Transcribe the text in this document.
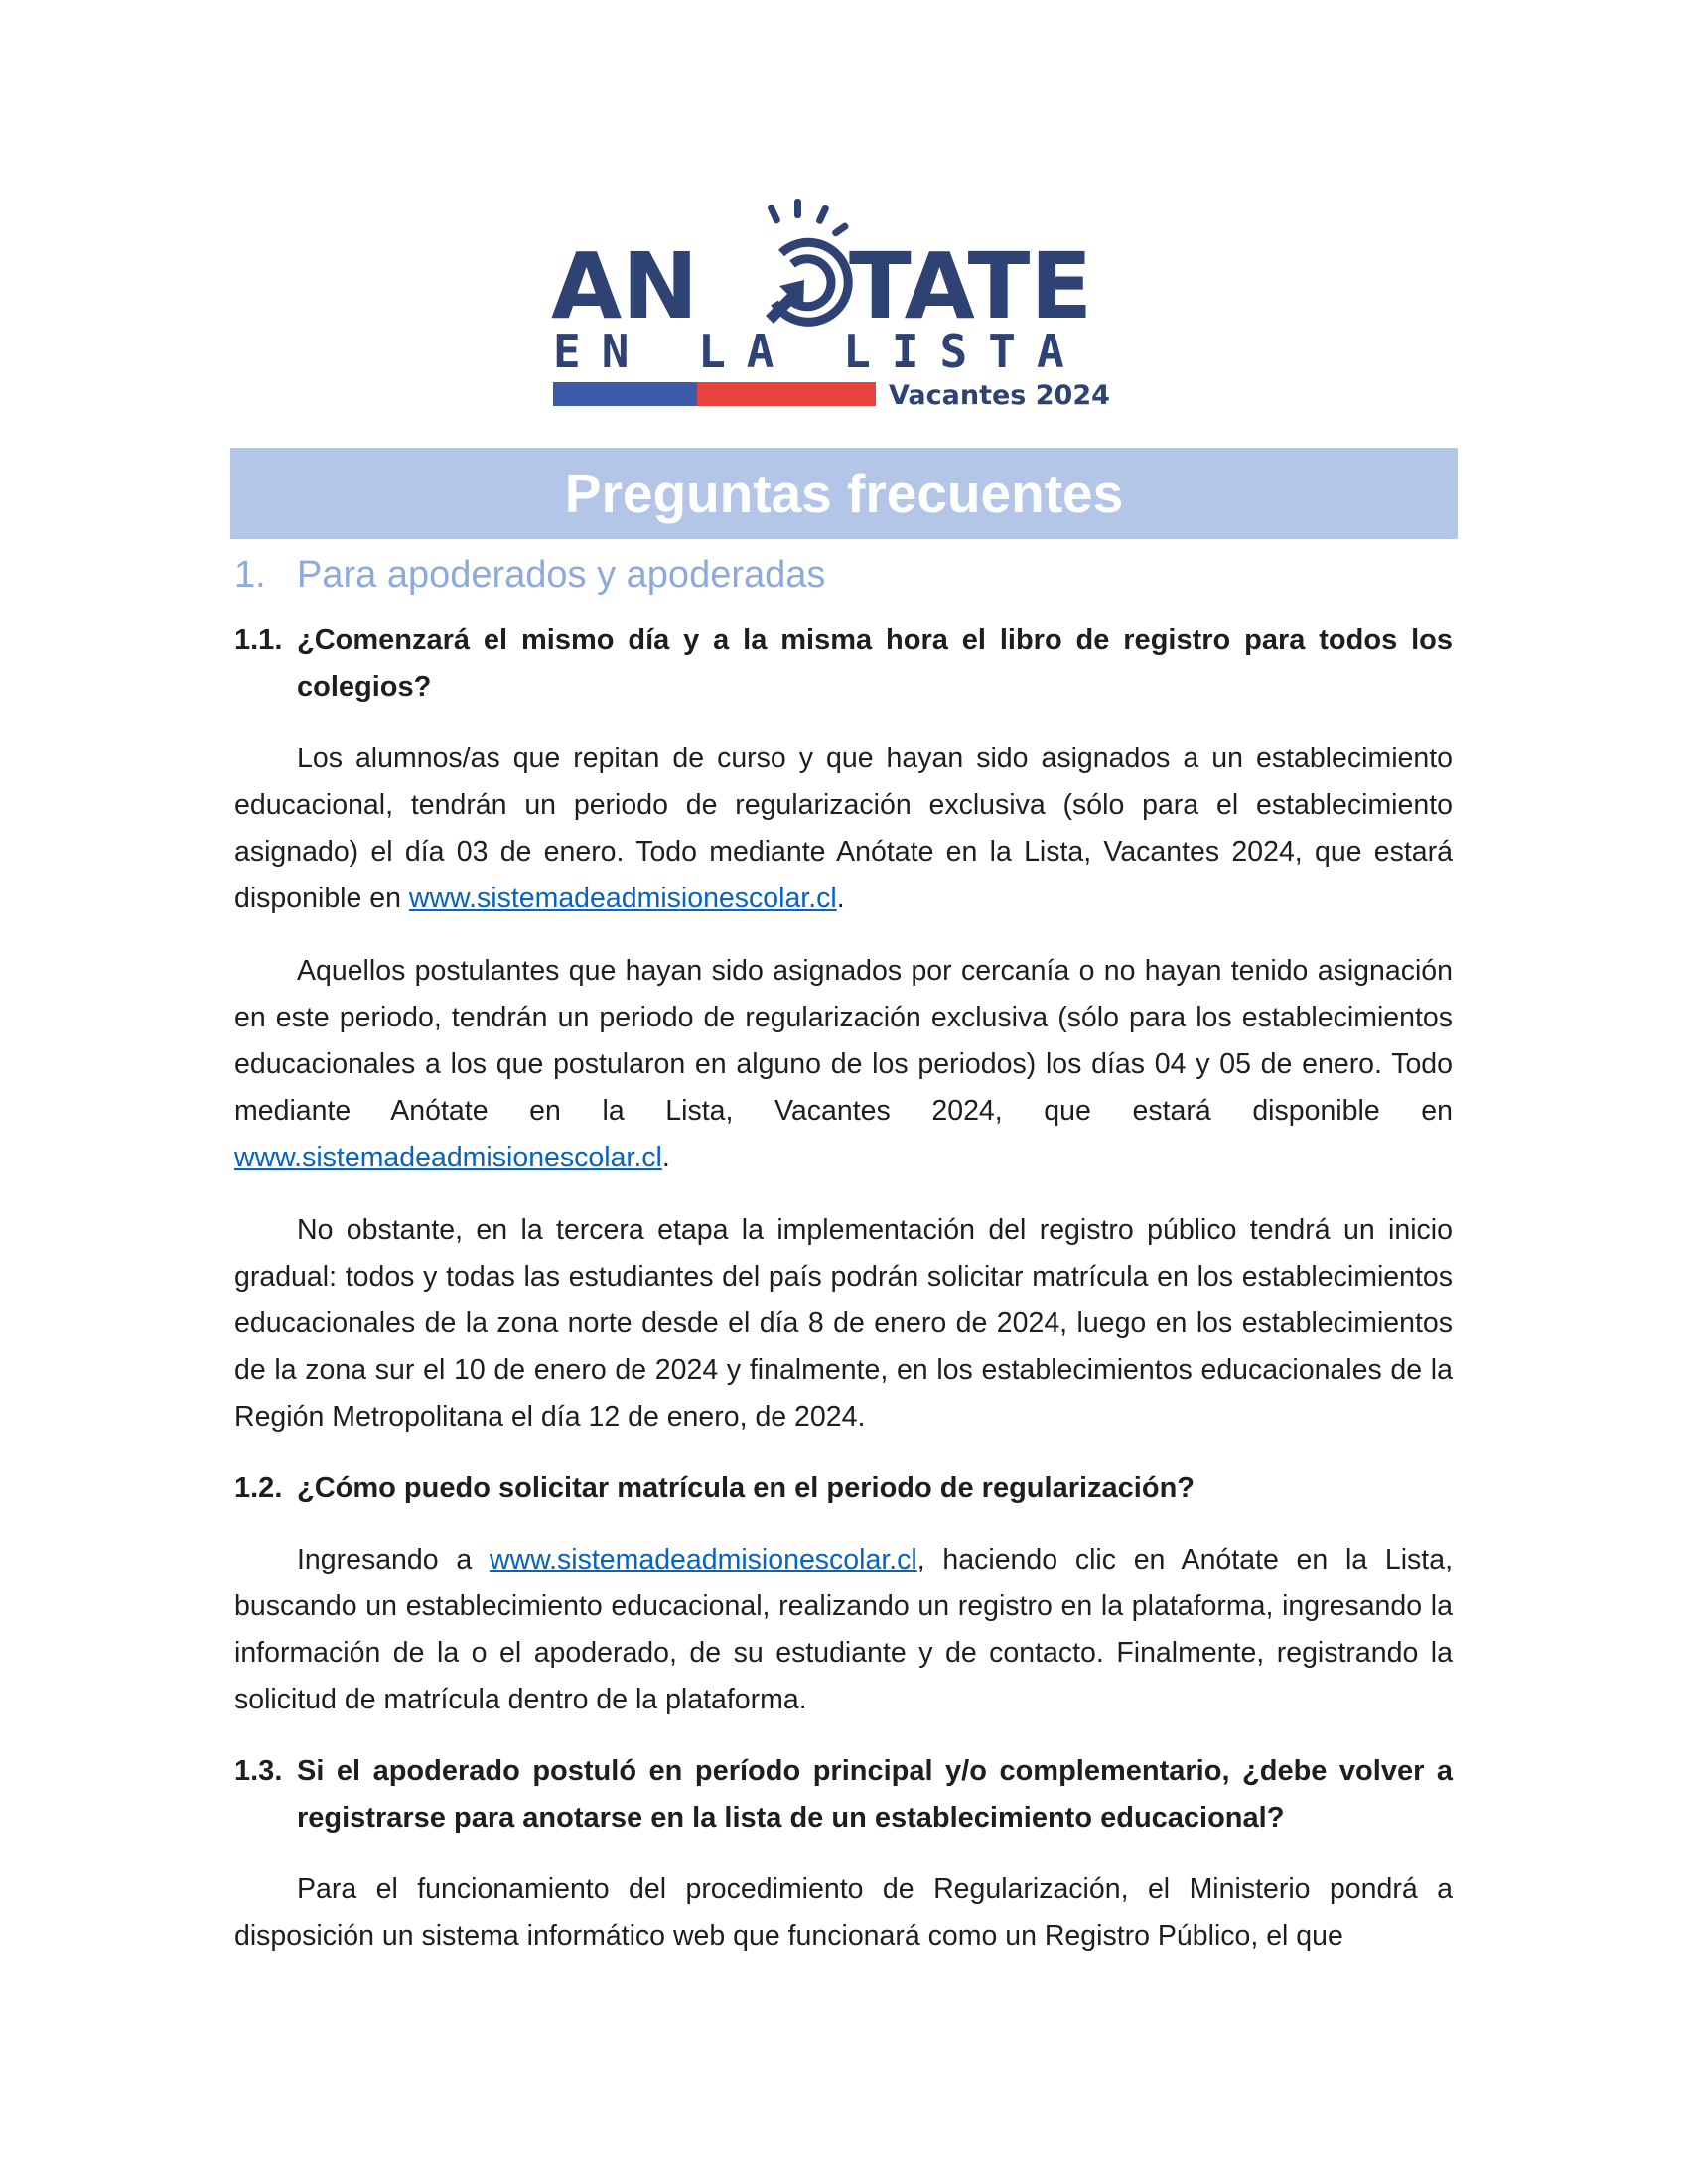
AN TATE
EN LA LISTA
Vacantes 2024
Preguntas frecuentes
1. Para apoderados y apoderadas
1.1. ¿Comenzará el mismo día y a la misma hora el libro de registro para todos los colegios?

Los alumnos/as que repitan de curso y que hayan sido asignados a un establecimiento educacional, tendrán un periodo de regularización exclusiva (sólo para el establecimiento asignado) el día 03 de enero. Todo mediante Anótate en la Lista, Vacantes 2024, que estará disponible en www.sistemadeadmisionescolar.cl.

Aquellos postulantes que hayan sido asignados por cercanía o no hayan tenido asignación en este periodo, tendrán un periodo de regularización exclusiva (sólo para los establecimientos educacionales a los que postularon en alguno de los periodos) los días 04 y 05 de enero. Todo mediante Anótate en la Lista, Vacantes 2024, que estará disponible en www.sistemadeadmisionescolar.cl.

No obstante, en la tercera etapa la implementación del registro público tendrá un inicio gradual: todos y todas las estudiantes del país podrán solicitar matrícula en los establecimientos educacionales de la zona norte desde el día 8 de enero de 2024, luego en los establecimientos de la zona sur el 10 de enero de 2024 y finalmente, en los establecimientos educacionales de la Región Metropolitana el día 12 de enero, de 2024.

1.2. ¿Cómo puedo solicitar matrícula en el periodo de regularización?

Ingresando a www.sistemadeadmisionescolar.cl, haciendo clic en Anótate en la Lista, buscando un establecimiento educacional, realizando un registro en la plataforma, ingresando la información de la o el apoderado, de su estudiante y de contacto. Finalmente, registrando la solicitud de matrícula dentro de la plataforma.

1.3. Si el apoderado postuló en período principal y/o complementario, ¿debe volver a registrarse para anotarse en la lista de un establecimiento educacional?

Para el funcionamiento del procedimiento de Regularización, el Ministerio pondrá a disposición un sistema informático web que funcionará como un Registro Público, el que
